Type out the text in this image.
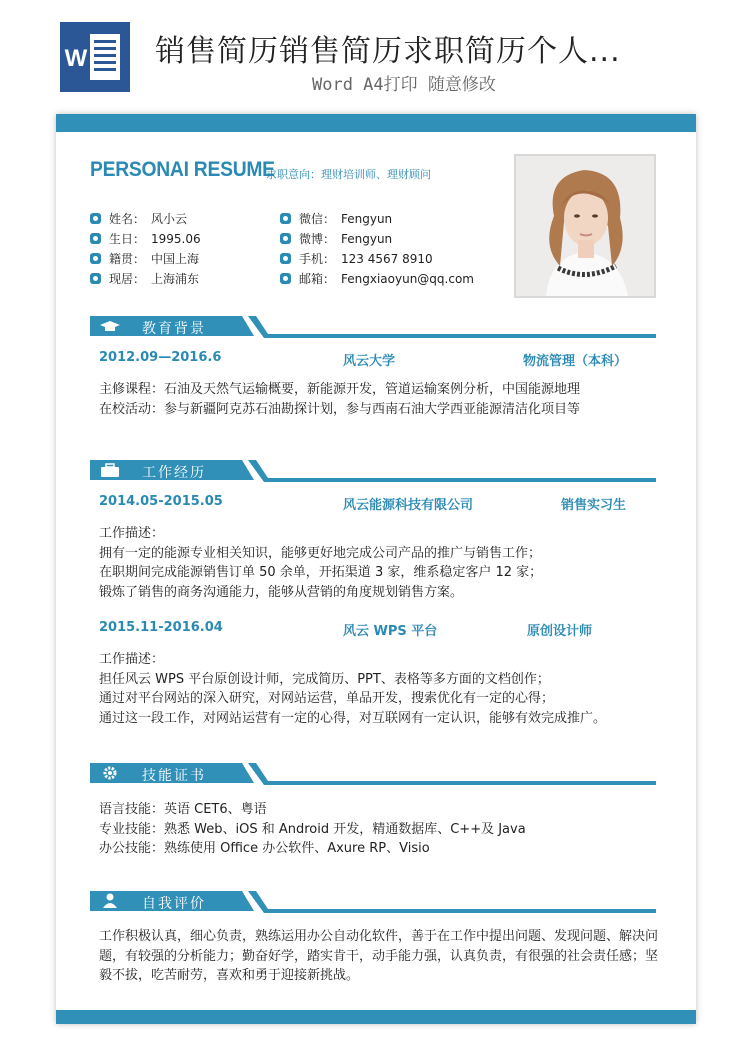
W 销售简历销售简历求职简历个人...
Word A4打印 随意修改
PERSONAI RESUME
求职意向：理财培训师、理财顾问
姓名： 风小云
生日： 1995.06
籍贯： 中国上海
现居： 上海浦东
微信： Fengyun
微博： Fengyun
手机： 123 4567 8910
邮箱： Fengxiaoyun@qq.com
教育背景
2012.09—2016.6	风云大学	物流管理（本科）
主修课程：石油及天然气运输概要，新能源开发，管道运输案例分析，中国能源地理
在校活动：参与新疆阿克苏石油勘探计划，参与西南石油大学西亚能源清洁化项目等
工作经历
2014.05-2015.05	风云能源科技有限公司	销售实习生
工作描述：
拥有一定的能源专业相关知识，能够更好地完成公司产品的推广与销售工作；
在职期间完成能源销售订单 50 余单，开拓渠道 3 家，维系稳定客户 12 家；
锻炼了销售的商务沟通能力，能够从营销的角度规划销售方案。
2015.11-2016.04	风云 WPS 平台	原创设计师
工作描述：
担任风云 WPS 平台原创设计师，完成简历、PPT、表格等多方面的文档创作；
通过对平台网站的深入研究，对网站运营，单品开发，搜索优化有一定的心得；
通过这一段工作，对网站运营有一定的心得，对互联网有一定认识，能够有效完成推广。
技能证书
语言技能：英语 CET6、粤语
专业技能：熟悉 Web、iOS 和 Android 开发，精通数据库、C++及 Java
办公技能：熟练使用 Office 办公软件、Axure RP、Visio
自我评价
工作积极认真，细心负责，熟练运用办公自动化软件，善于在工作中提出问题、发现问题、解决问
题，有较强的分析能力；勤奋好学，踏实肯干，动手能力强，认真负责，有很强的社会责任感；坚
毅不拔，吃苦耐劳，喜欢和勇于迎接新挑战。
